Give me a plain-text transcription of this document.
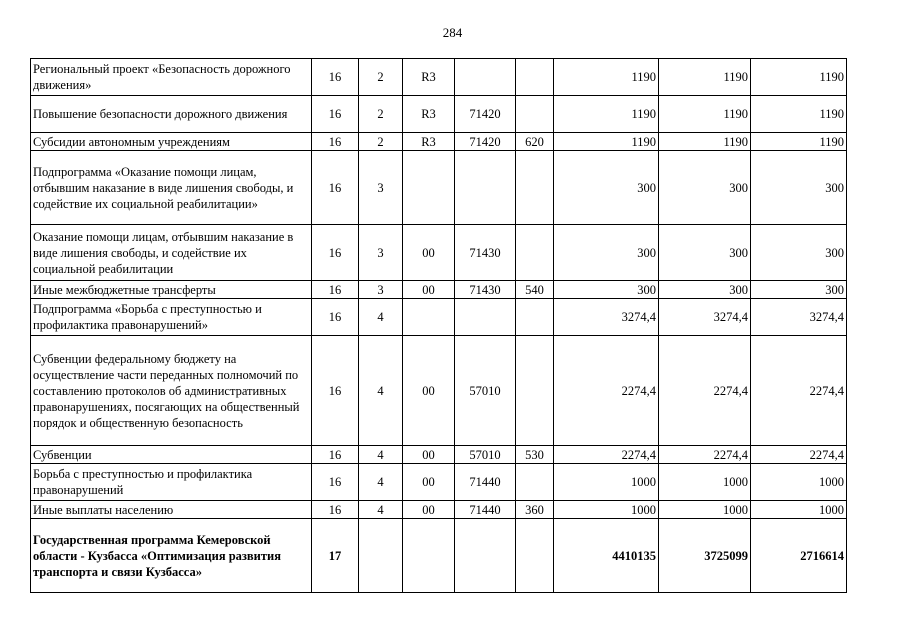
284
Региональный проект «Безопасность дорожного движения»	16	2	R3			1190	1190	1190
Повышение безопасности дорожного движения	16	2	R3	71420		1190	1190	1190
Субсидии автономным учреждениям	16	2	R3	71420	620	1190	1190	1190
Подпрограмма «Оказание помощи лицам, отбывшим наказание в виде лишения свободы, и содействие их социальной реабилитации»	16	3				300	300	300
Оказание помощи лицам, отбывшим наказание в виде лишения свободы, и содействие их социальной реабилитации	16	3	00	71430		300	300	300
Иные межбюджетные трансферты	16	3	00	71430	540	300	300	300
Подпрограмма «Борьба с преступностью и профилактика правонарушений»	16	4				3274,4	3274,4	3274,4
Субвенции федеральному бюджету на осуществление части переданных полномочий по составлению протоколов об административных правонарушениях, посягающих на общественный порядок и общественную безопасность	16	4	00	57010		2274,4	2274,4	2274,4
Субвенции	16	4	00	57010	530	2274,4	2274,4	2274,4
Борьба с преступностью и профилактика правонарушений	16	4	00	71440		1000	1000	1000
Иные выплаты населению	16	4	00	71440	360	1000	1000	1000
Государственная программа Кемеровской области - Кузбасса «Оптимизация развития транспорта и связи Кузбасса»	17					4410135	3725099	2716614
